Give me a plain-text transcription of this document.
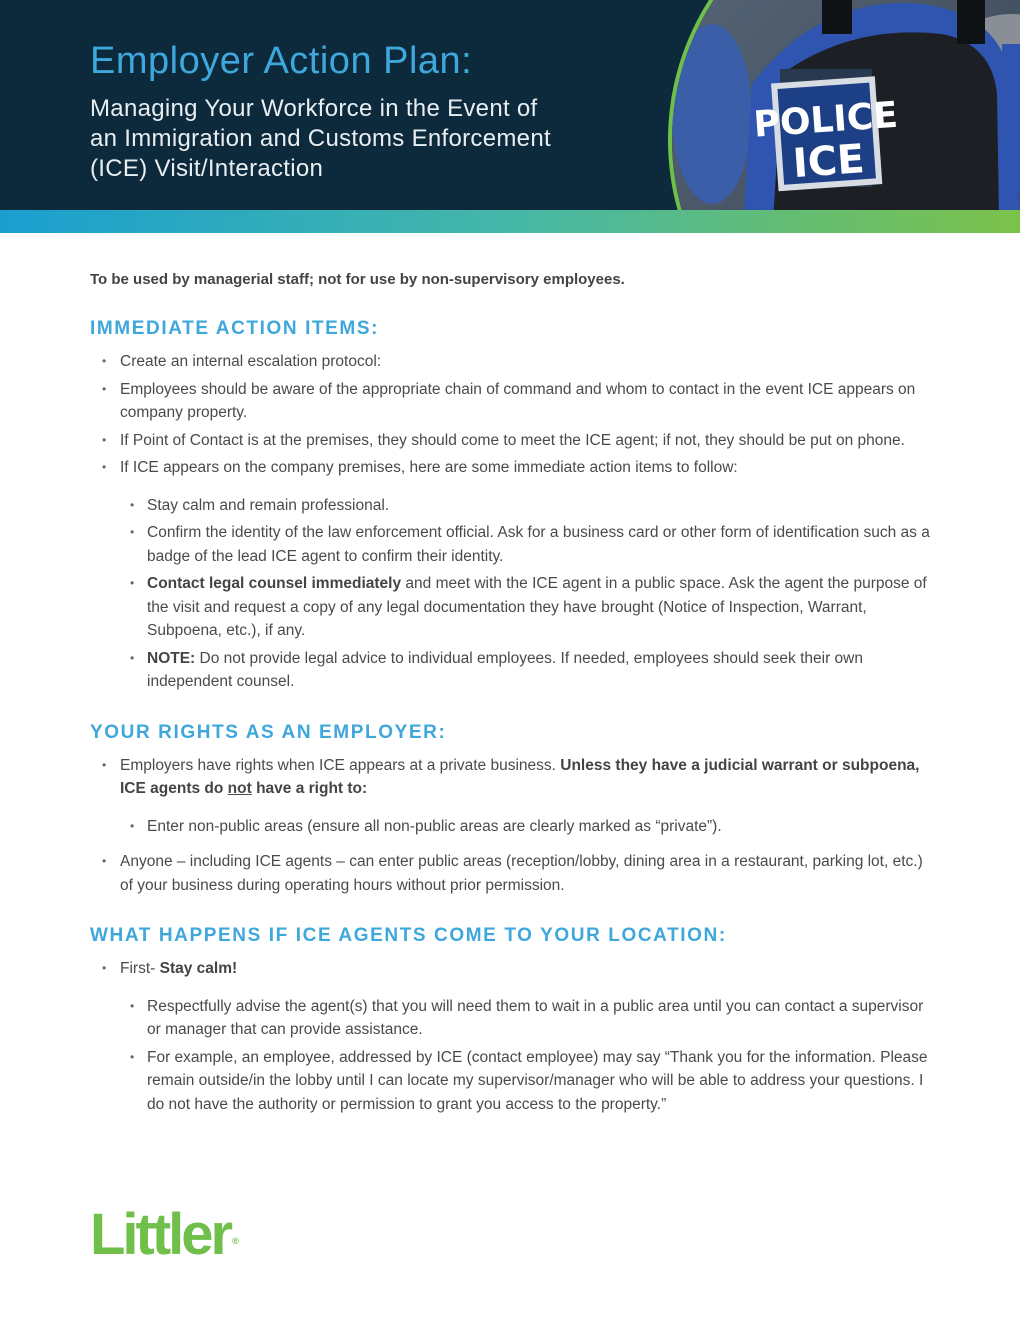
Employer Action Plan:
Managing Your Workforce in the Event of an Immigration and Customs Enforcement (ICE) Visit/Interaction
POLICE
ICE

To be used by managerial staff; not for use by non-supervisory employees.

IMMEDIATE ACTION ITEMS:
• Create an internal escalation protocol:
• Employees should be aware of the appropriate chain of command and whom to contact in the event ICE appears on company property.
• If Point of Contact is at the premises, they should come to meet the ICE agent; if not, they should be put on phone.
• If ICE appears on the company premises, here are some immediate action items to follow:
• Stay calm and remain professional.
• Confirm the identity of the law enforcement official. Ask for a business card or other form of identification such as a badge of the lead ICE agent to confirm their identity.
• Contact legal counsel immediately and meet with the ICE agent in a public space. Ask the agent the purpose of the visit and request a copy of any legal documentation they have brought (Notice of Inspection, Warrant, Subpoena, etc.), if any.
• NOTE: Do not provide legal advice to individual employees. If needed, employees should seek their own independent counsel.
YOUR RIGHTS AS AN EMPLOYER:
• Employers have rights when ICE appears at a private business. Unless they have a judicial warrant or subpoena, ICE agents do not have a right to:
• Enter non-public areas (ensure all non-public areas are clearly marked as “private”).
• Anyone – including ICE agents – can enter public areas (reception/lobby, dining area in a restaurant, parking lot, etc.) of your business during operating hours without prior permission.
WHAT HAPPENS IF ICE AGENTS COME TO YOUR LOCATION:
• First- Stay calm!
• Respectfully advise the agent(s) that you will need them to wait in a public area until you can contact a supervisor or manager that can provide assistance.
• For example, an employee, addressed by ICE (contact employee) may say “Thank you for the information. Please remain outside/in the lobby until I can locate my supervisor/manager who will be able to address your questions. I do not have the authority or permission to grant you access to the property.”
Littler ®
